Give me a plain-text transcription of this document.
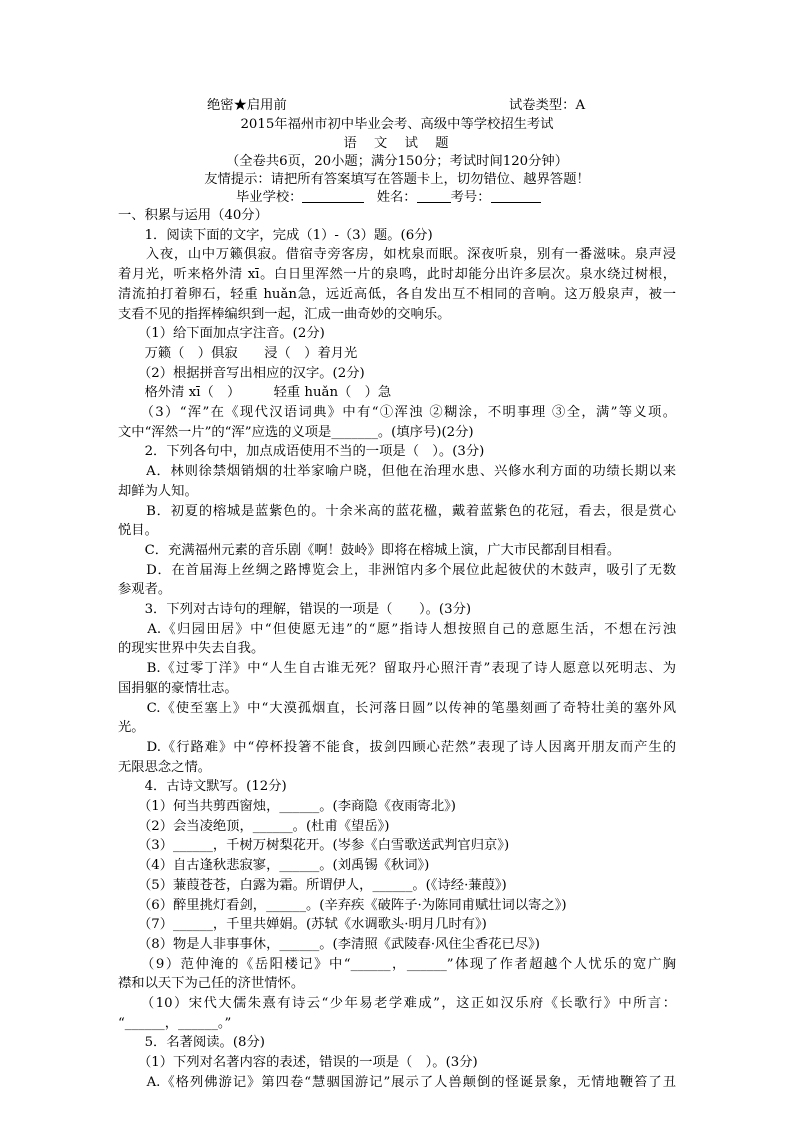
绝密★启用前	试卷类型：A
2015年福州市初中毕业会考、高级中等学校招生考试
语　文　试　题
（全卷共6页，20小题；满分150分；考试时间120分钟）
友情提示：请把所有答案填写在答题卡上，切勿错位、越界答题！
毕业学校：	姓名：	考号：
一、积累与运用（40分）
　　1．阅读下面的文字，完成（1）-（3）题。(6分)
　　入夜，山中万籁俱寂。借宿寺旁客房，如枕泉而眠。深夜听泉，别有一番滋味。泉声浸
着月光，听来格外清 xī。白日里浑然一片的泉鸣，此时却能分出许多层次。泉水绕过树根，
清流拍打着卵石，轻重 huǎn急，远近高低，各自发出互不相同的音响。这万般泉声，被一
支看不见的指挥棒编织到一起，汇成一曲奇妙的交响乐。
　　（1）给下面加点字注音。(2分)
　　万籁（　）俱寂　　浸（　）着月光
　　（2）根据拼音写出相应的汉字。(2分)
　　格外清 xī（　）　　　轻重 huǎn（　）急
　　（3）“浑”在《现代汉语词典》中有“①浑浊 ②糊涂，不明事理 ③全，满”等义项。
文中“浑然一片”的“浑”应选的义项是_______。(填序号)(2分)
　　2．下列各句中，加点成语使用不当的一项是（　）。(3分)
　　A．林则徐禁烟销烟的壮举家喻户晓，但他在治理水患、兴修水利方面的功绩长期以来
却鲜为人知。
　　B．初夏的榕城是蓝紫色的。十余米高的蓝花楹，戴着蓝紫色的花冠，看去，很是赏心
悦目。
　　C．充满福州元素的音乐剧《啊！鼓岭》即将在榕城上演，广大市民都刮目相看。
　　D．在首届海上丝绸之路博览会上，非洲馆内多个展位此起彼伏的木鼓声，吸引了无数
参观者。
　　3．下列对古诗句的理解，错误的一项是（　　）。(3分)
　　A.《归园田居》中“但使愿无违”的“愿”指诗人想按照自己的意愿生活，不想在污浊
的现实世界中失去自我。
　　B.《过零丁洋》中“人生自古谁无死？留取丹心照汗青”表现了诗人愿意以死明志、为
国捐躯的豪情壮志。
　　C.《使至塞上》中“大漠孤烟直，长河落日圆”以传神的笔墨刻画了奇特壮美的塞外风
光。
　　D.《行路难》中“停杯投箸不能食，拔剑四顾心茫然”表现了诗人因离开朋友而产生的
无限思念之情。
　　4．古诗文默写。(12分)
　　（1）何当共剪西窗烛，______。(李商隐《夜雨寄北》)
　　（2）会当凌绝顶，______。(杜甫《望岳》)
　　（3）______，千树万树梨花开。(岑参《白雪歌送武判官归京》)
　　（4）自古逢秋悲寂寥，______。(刘禹锡《秋词》)
　　（5）蒹葭苍苍，白露为霜。所谓伊人，______。(《诗经·蒹葭》)
　　（6）醉里挑灯看剑，______。(辛弃疾《破阵子·为陈同甫赋壮词以寄之》)
　　（7）______，千里共婵娟。(苏轼《水调歌头·明月几时有》)
　　（8）物是人非事事休，______。(李清照《武陵春·风住尘香花已尽》)
　　（9）范仲淹的《岳阳楼记》中“______，______”体现了作者超越个人忧乐的宽广胸
襟和以天下为己任的济世情怀。
　　（10）宋代大儒朱熹有诗云“少年易老学难成”，这正如汉乐府《长歌行》中所言：
“______，______。”
　　5．名著阅读。(8分)
　　（1）下列对名著内容的表述，错误的一项是（　）。(3分)
　　A.《格列佛游记》第四卷“慧骃国游记”展示了人兽颠倒的怪诞景象，无情地鞭笞了丑
